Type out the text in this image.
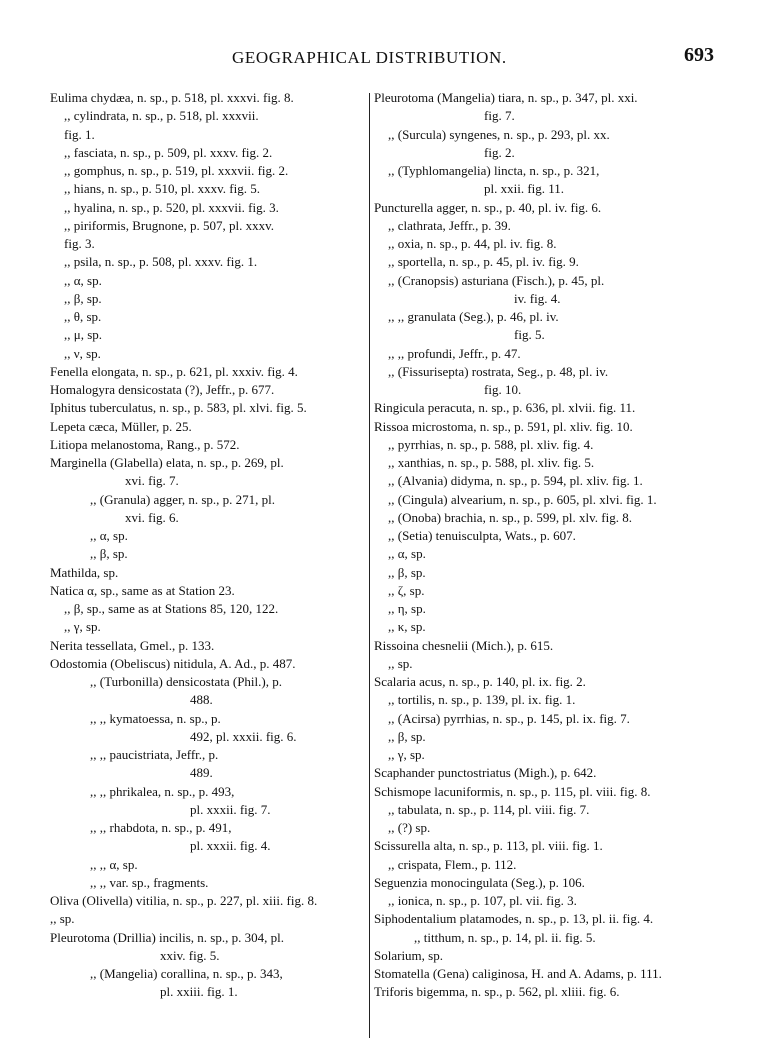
GEOGRAPHICAL DISTRIBUTION.	693
Eulima chydæa, n. sp., p. 518, pl. xxxvi. fig. 8.
,, cylindrata, n. sp., p. 518, pl. xxxvii.
fig. 1.
,, fasciata, n. sp., p. 509, pl. xxxv. fig. 2.
,, gomphus, n. sp., p. 519, pl. xxxvii. fig. 2.
,, hians, n. sp., p. 510, pl. xxxv. fig. 5.
,, hyalina, n. sp., p. 520, pl. xxxvii. fig. 3.
,, piriformis, Brugnone, p. 507, pl. xxxv.
fig. 3.
,, psila, n. sp., p. 508, pl. xxxv. fig. 1.
,, α, sp.
,, β, sp.
,, θ, sp.
,, μ, sp.
,, ν, sp.
Fenella elongata, n. sp., p. 621, pl. xxxiv. fig. 4.
Homalogyra densicostata (?), Jeffr., p. 677.
Iphitus tuberculatus, n. sp., p. 583, pl. xlvi. fig. 5.
Lepeta cæca, Müller, p. 25.
Litiopa melanostoma, Rang., p. 572.
Marginella (Glabella) elata, n. sp., p. 269, pl.
xvi. fig. 7.
,, (Granula) agger, n. sp., p. 271, pl.
xvi. fig. 6.
,, α, sp.
,, β, sp.
Mathilda, sp.
Natica α, sp., same as at Station 23.
,, β, sp., same as at Stations 85, 120, 122.
,, γ, sp.
Nerita tessellata, Gmel., p. 133.
Odostomia (Obeliscus) nitidula, A. Ad., p. 487.
,, (Turbonilla) densicostata (Phil.), p.
488.
,, ,, kymatoessa, n. sp., p.
492, pl. xxxii. fig. 6.
,, ,, paucistriata, Jeffr., p.
489.
,, ,, phrikalea, n. sp., p. 493,
pl. xxxii. fig. 7.
,, ,, rhabdota, n. sp., p. 491,
pl. xxxii. fig. 4.
,, ,, α, sp.
,, ,, var. sp., fragments.
Oliva (Olivella) vitilia, n. sp., p. 227, pl. xiii. fig. 8.
,, sp.
Pleurotoma (Drillia) incilis, n. sp., p. 304, pl.
xxiv. fig. 5.
,, (Mangelia) corallina, n. sp., p. 343,
pl. xxiii. fig. 1.
Pleurotoma (Mangelia) tiara, n. sp., p. 347, pl. xxi.
fig. 7.
,, (Surcula) syngenes, n. sp., p. 293, pl. xx.
fig. 2.
,, (Typhlomangelia) lincta, n. sp., p. 321,
pl. xxii. fig. 11.
Puncturella agger, n. sp., p. 40, pl. iv. fig. 6.
,, clathrata, Jeffr., p. 39.
,, oxia, n. sp., p. 44, pl. iv. fig. 8.
,, sportella, n. sp., p. 45, pl. iv. fig. 9.
,, (Cranopsis) asturiana (Fisch.), p. 45, pl.
iv. fig. 4.
,, ,, granulata (Seg.), p. 46, pl. iv.
fig. 5.
,, ,, profundi, Jeffr., p. 47.
,, (Fissurisepta) rostrata, Seg., p. 48, pl. iv.
fig. 10.
Ringicula peracuta, n. sp., p. 636, pl. xlvii. fig. 11.
Rissoa microstoma, n. sp., p. 591, pl. xliv. fig. 10.
,, pyrrhias, n. sp., p. 588, pl. xliv. fig. 4.
,, xanthias, n. sp., p. 588, pl. xliv. fig. 5.
,, (Alvania) didyma, n. sp., p. 594, pl. xliv. fig. 1.
,, (Cingula) alvearium, n. sp., p. 605, pl. xlvi. fig. 1.
,, (Onoba) brachia, n. sp., p. 599, pl. xlv. fig. 8.
,, (Setia) tenuisculpta, Wats., p. 607.
,, α, sp.
,, β, sp.
,, ζ, sp.
,, η, sp.
,, κ, sp.
Rissoina chesnelii (Mich.), p. 615.
,, sp.
Scalaria acus, n. sp., p. 140, pl. ix. fig. 2.
,, tortilis, n. sp., p. 139, pl. ix. fig. 1.
,, (Acirsa) pyrrhias, n. sp., p. 145, pl. ix. fig. 7.
,, β, sp.
,, γ, sp.
Scaphander punctostriatus (Migh.), p. 642.
Schismope lacuniformis, n. sp., p. 115, pl. viii. fig. 8.
,, tabulata, n. sp., p. 114, pl. viii. fig. 7.
,, (?) sp.
Scissurella alta, n. sp., p. 113, pl. viii. fig. 1.
,, crispata, Flem., p. 112.
Seguenzia monocingulata (Seg.), p. 106.
,, ionica, n. sp., p. 107, pl. vii. fig. 3.
Siphodentalium platamodes, n. sp., p. 13, pl. ii. fig. 4.
,, titthum, n. sp., p. 14, pl. ii. fig. 5.
Solarium, sp.
Stomatella (Gena) caliginosa, H. and A. Adams, p. 111.
Triforis bigemma, n. sp., p. 562, pl. xliii. fig. 6.
